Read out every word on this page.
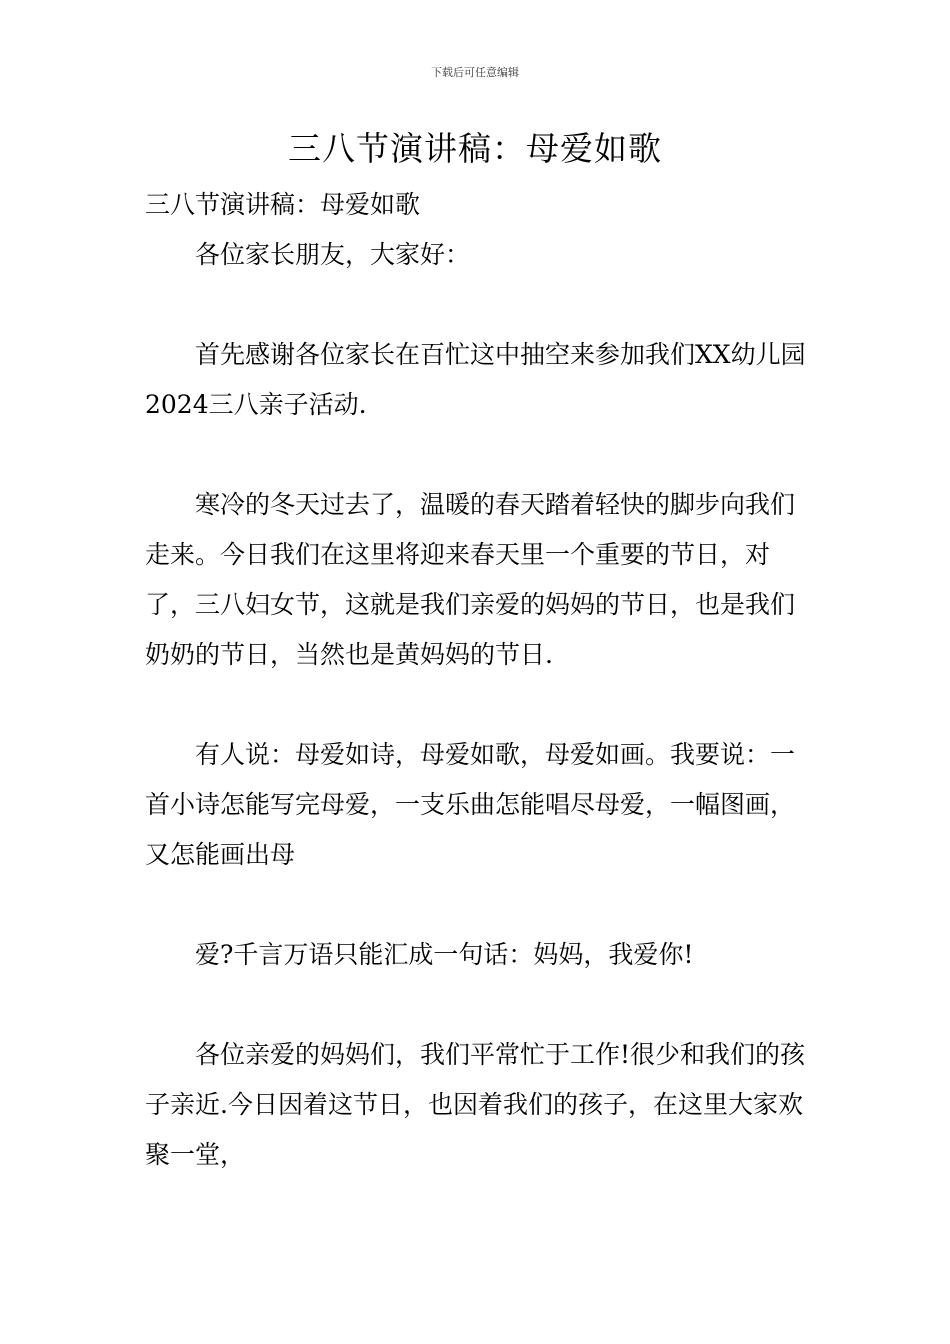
下载后可任意编辑
三八节演讲稿：母爱如歌

三八节演讲稿：母爱如歌

各位家长朋友，大家好：

首先感谢各位家长在百忙这中抽空来参加我们XX幼儿园2024三八亲子活动.

寒冷的冬天过去了，温暖的春天踏着轻快的脚步向我们走来。今日我们在这里将迎来春天里一个重要的节日，对了，三八妇女节，这就是我们亲爱的妈妈的节日，也是我们奶奶的节日，当然也是黄妈妈的节日.

有人说：母爱如诗，母爱如歌，母爱如画。我要说：一首小诗怎能写完母爱，一支乐曲怎能唱尽母爱，一幅图画，又怎能画出母

爱?千言万语只能汇成一句话：妈妈，我爱你!

各位亲爱的妈妈们，我们平常忙于工作!很少和我们的孩子亲近.今日因着这节日，也因着我们的孩子，在这里大家欢聚一堂，
